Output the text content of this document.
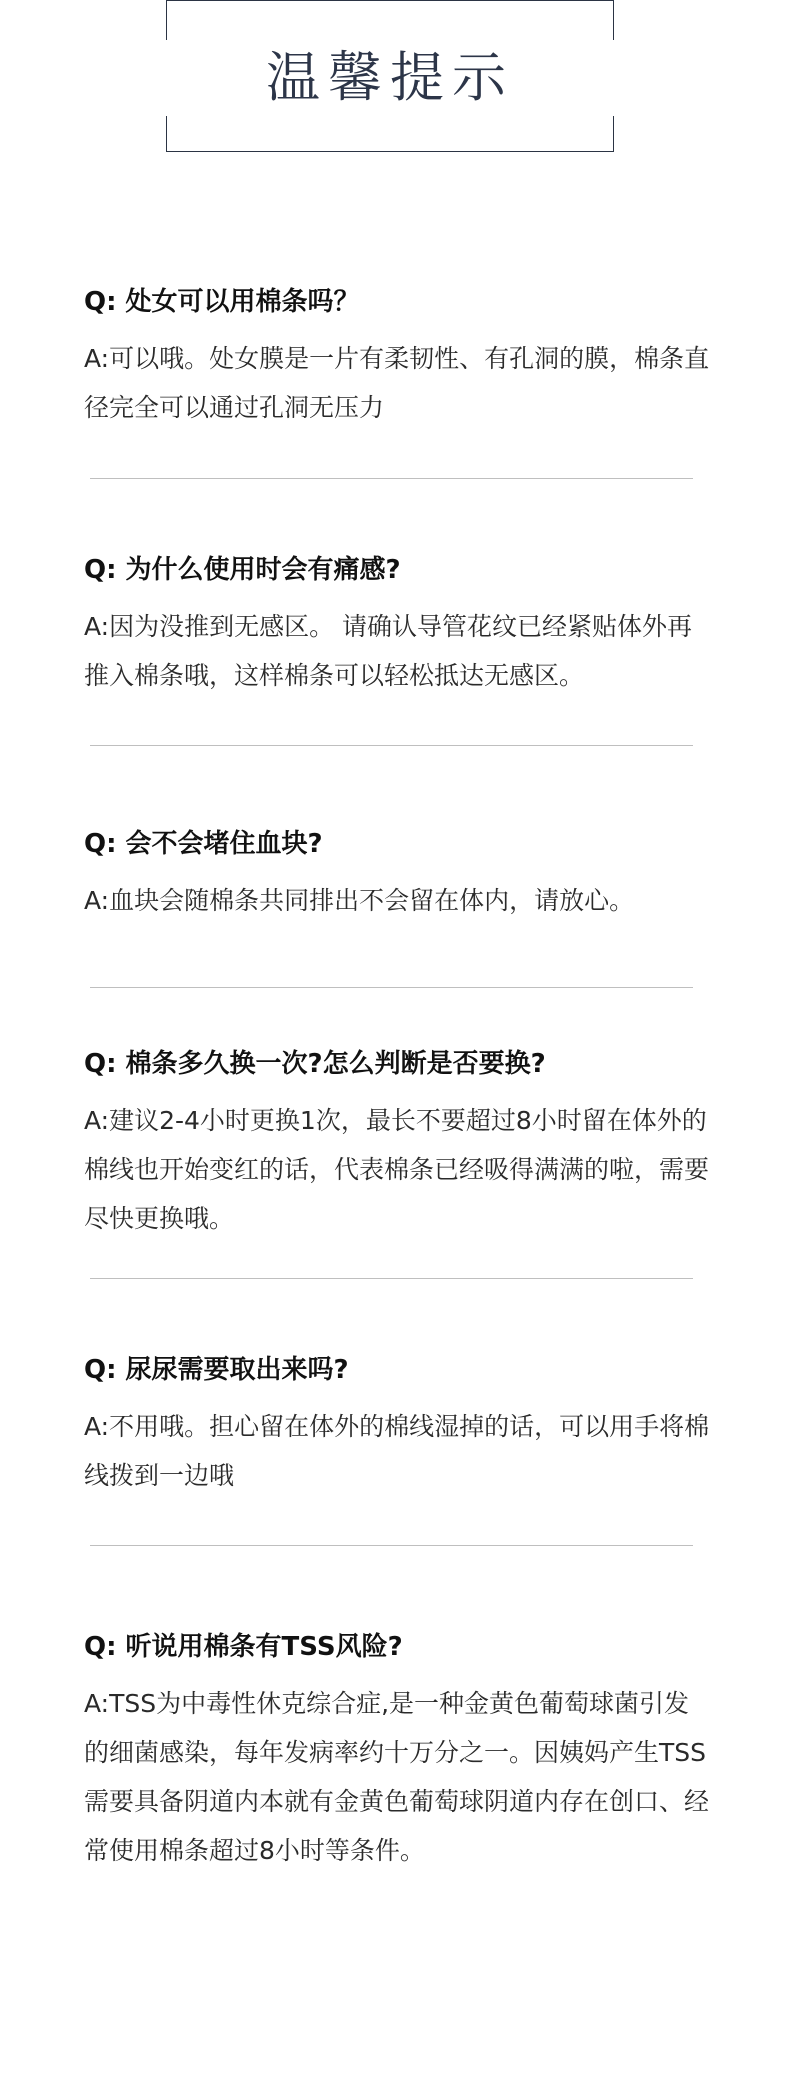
温馨提示
Q: 处女可以用棉条吗？
A:可以哦。处女膜是一片有柔韧性、有孔洞的膜，棉条直径完全可以通过孔洞无压力
Q: 为什么使用时会有痛感?
A:因为没推到无感区。 请确认导管花纹已经紧贴体外再推入棉条哦，这样棉条可以轻松抵达无感区。
Q: 会不会堵住血块?
A:血块会随棉条共同排出不会留在体内，请放心。
Q: 棉条多久换一次?怎么判断是否要换?
A:建议2-4小时更换1次，最长不要超过8小时留在体外的棉线也开始变红的话，代表棉条已经吸得满满的啦，需要尽快更换哦。
Q: 尿尿需要取出来吗?
A:不用哦。担心留在体外的棉线湿掉的话，可以用手将棉线拨到一边哦
Q: 听说用棉条有TSS风险?
A:TSS为中毒性休克综合症,是一种金黄色葡萄球菌引发的细菌感染，每年发病率约十万分之一。因姨妈产生TSS需要具备阴道内本就有金黄色葡萄球阴道内存在创口、经常使用棉条超过8小时等条件。
